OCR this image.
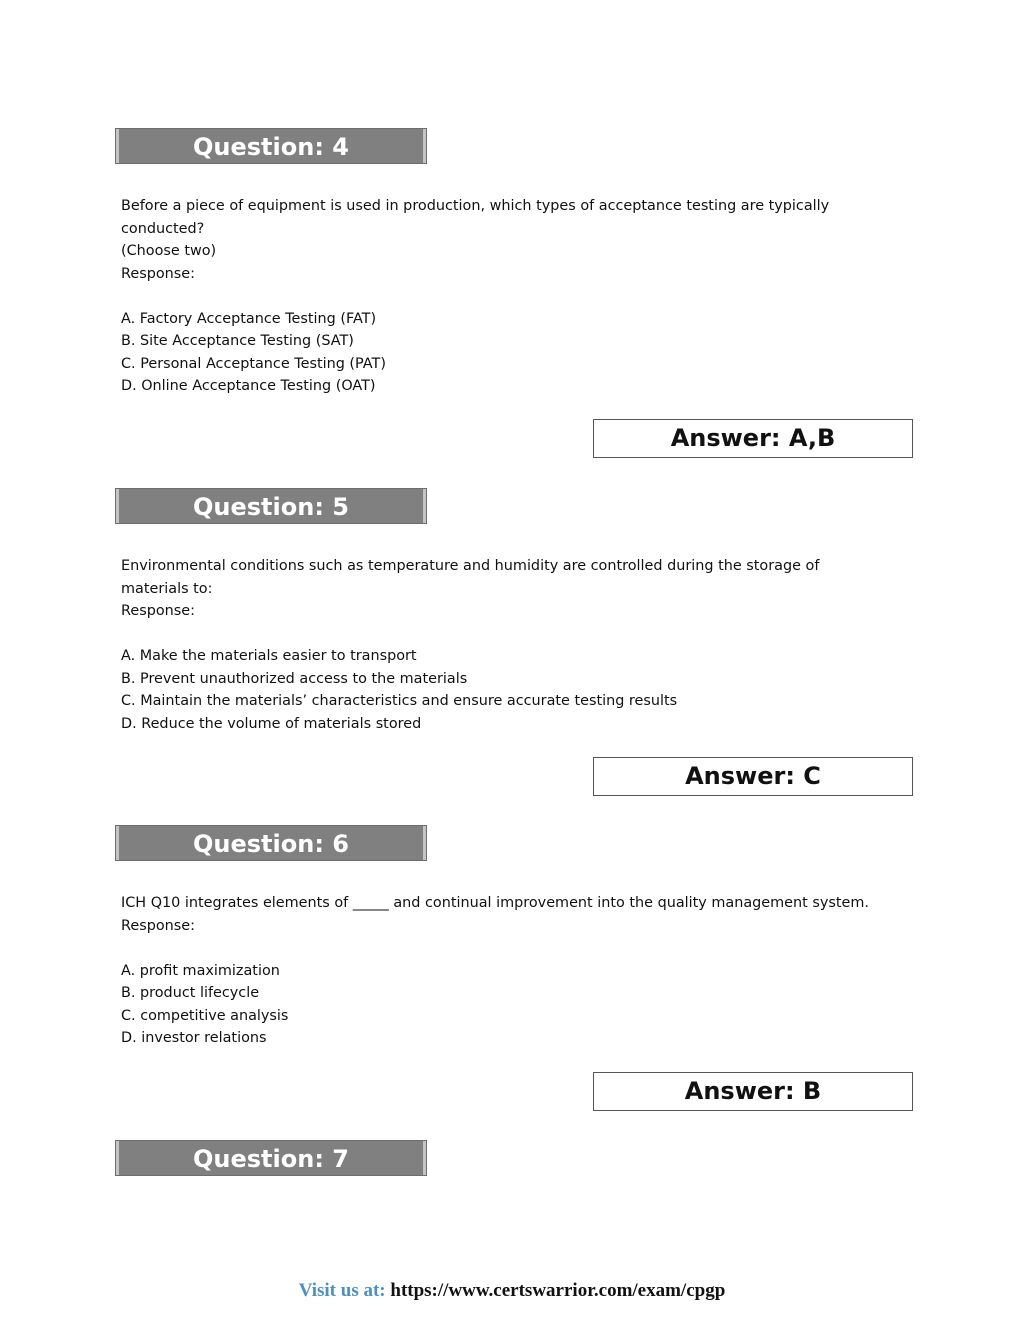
Question: 4
Before a piece of equipment is used in production, which types of acceptance testing are typically
conducted?
(Choose two)
Response:
A. Factory Acceptance Testing (FAT)
B. Site Acceptance Testing (SAT)
C. Personal Acceptance Testing (PAT)
D. Online Acceptance Testing (OAT)
Answer: A,B
Question: 5
Environmental conditions such as temperature and humidity are controlled during the storage of
materials to:
Response:
A. Make the materials easier to transport
B. Prevent unauthorized access to the materials
C. Maintain the materials’ characteristics and ensure accurate testing results
D. Reduce the volume of materials stored
Answer: C
Question: 6
ICH Q10 integrates elements of _____ and continual improvement into the quality management system.
Response:
A. profit maximization
B. product lifecycle
C. competitive analysis
D. investor relations
Answer: B
Question: 7
Visit us at: https://www.certswarrior.com/exam/cpgp
